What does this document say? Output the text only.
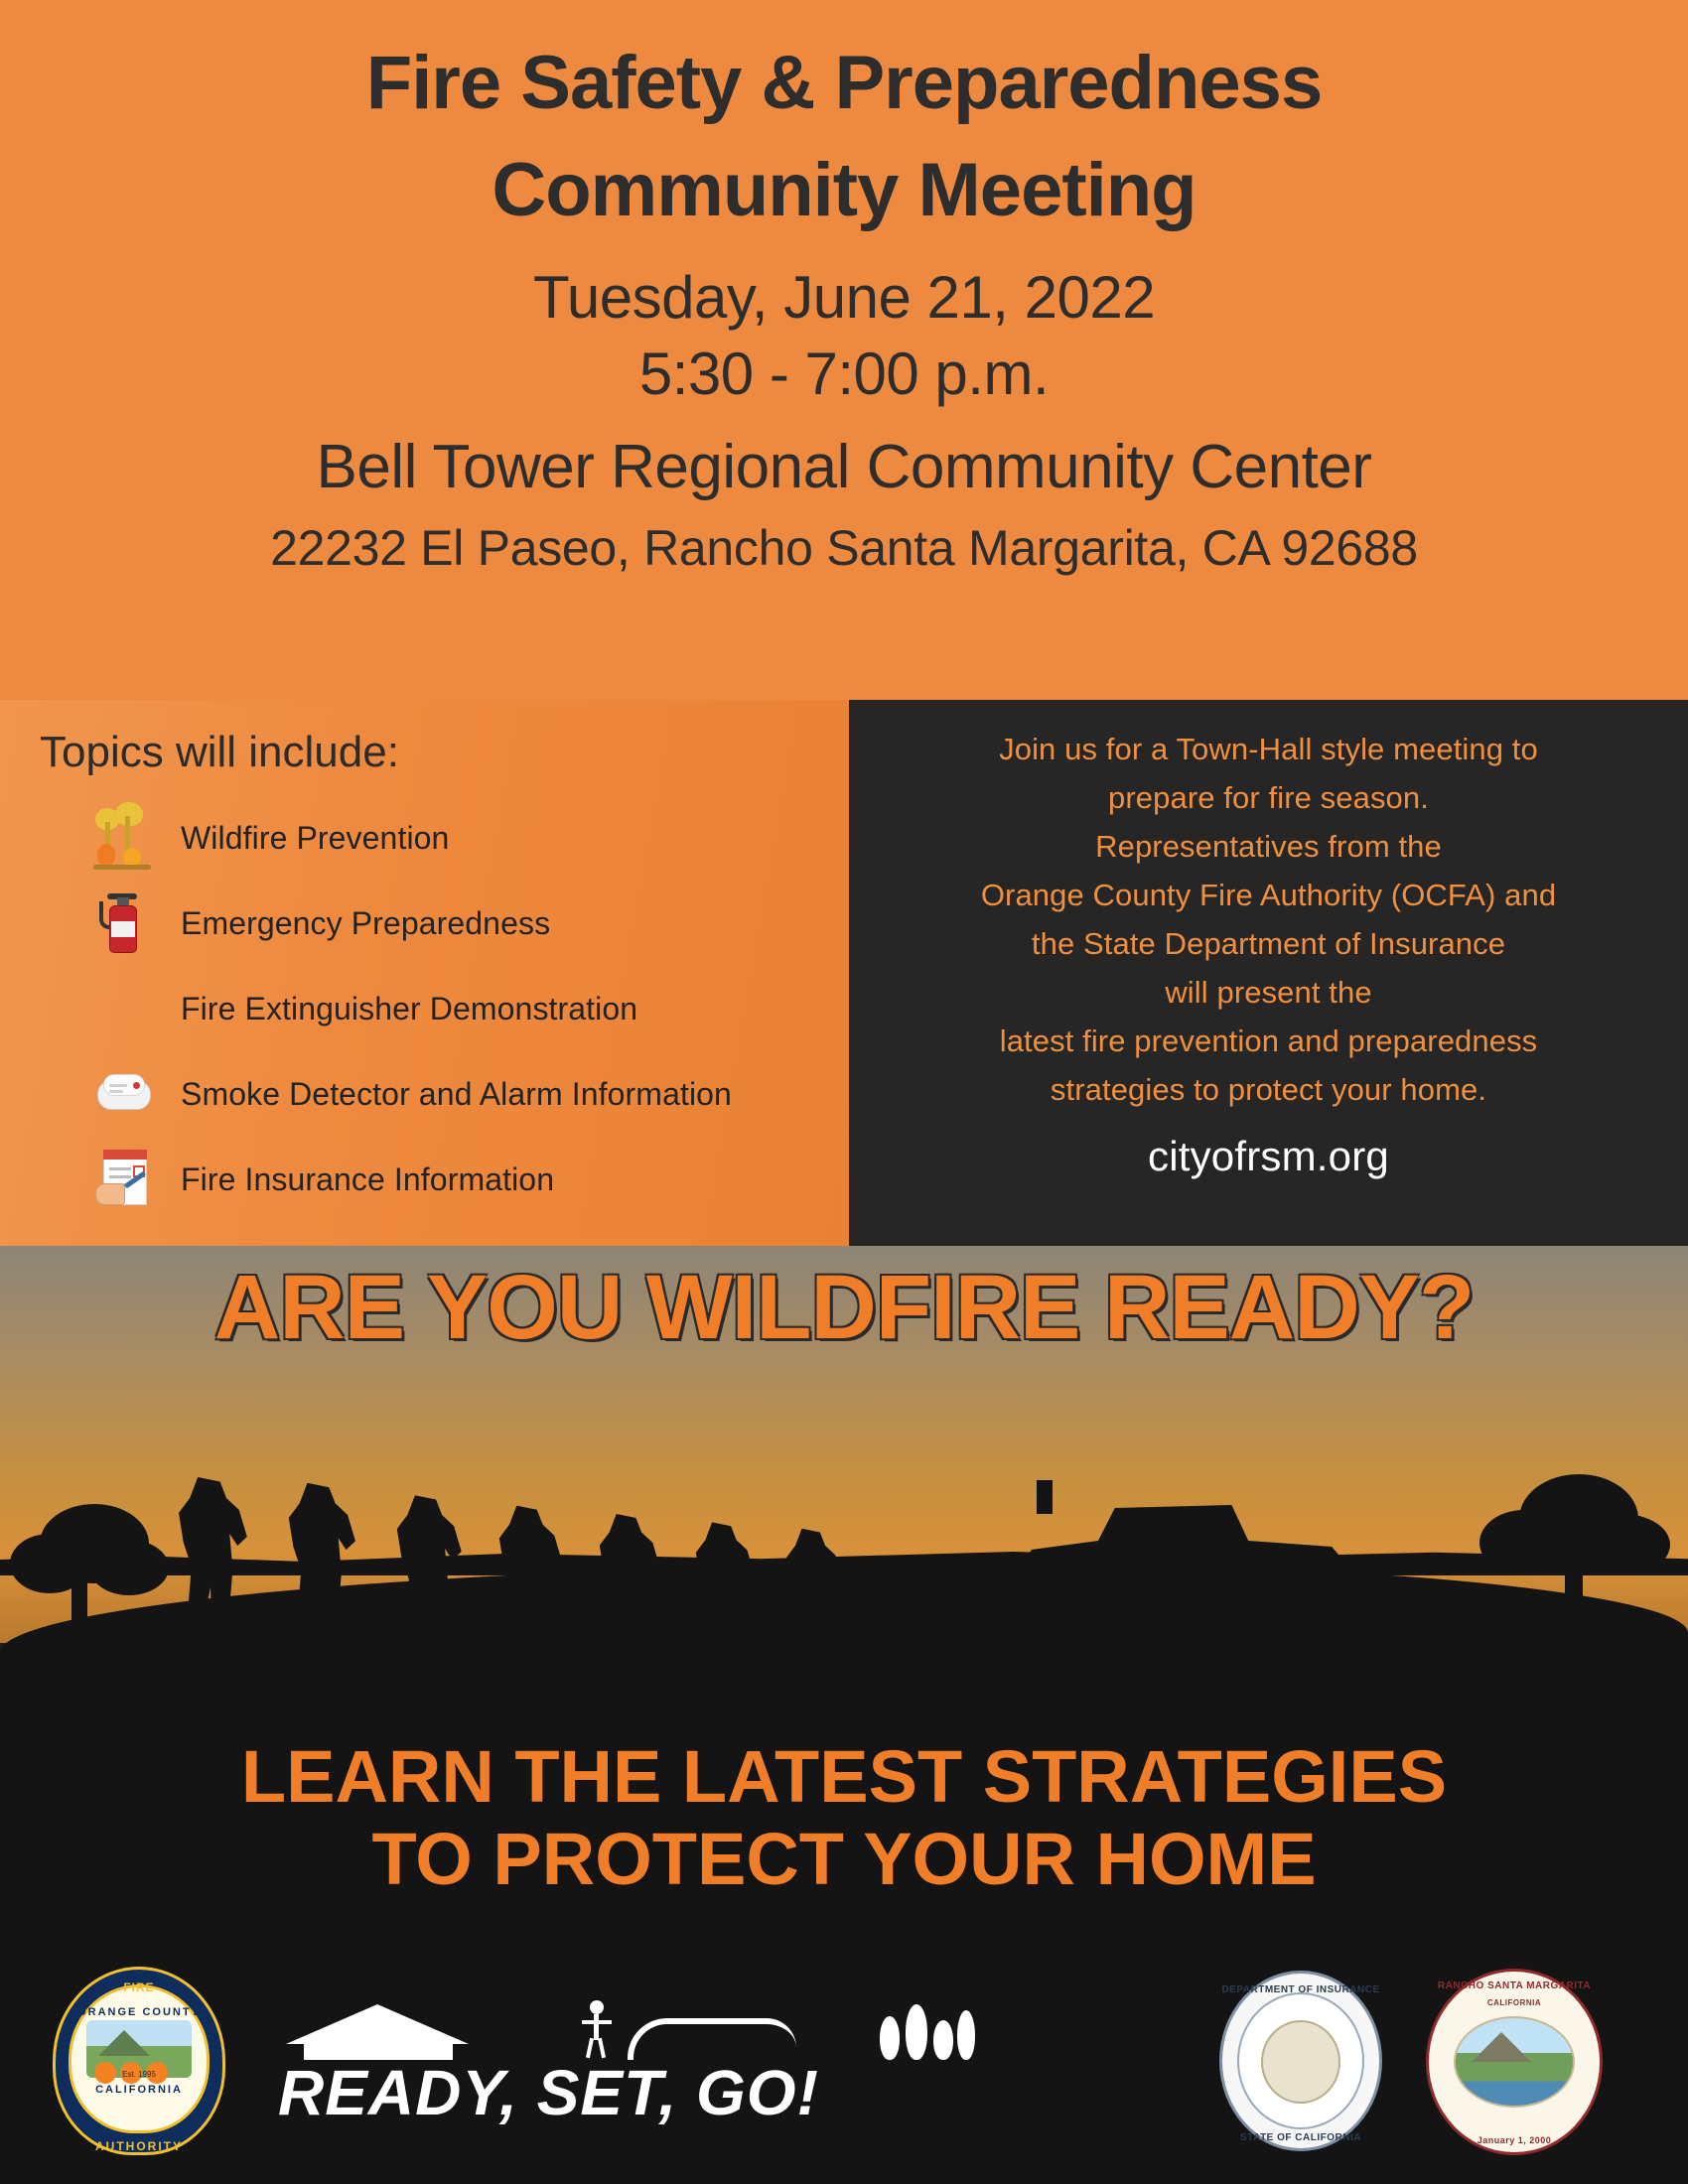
Fire Safety & Preparedness
Community Meeting
Tuesday, June 21, 2022
5:30 - 7:00 p.m.
Bell Tower Regional Community Center
22232 El Paseo, Rancho Santa Margarita, CA 92688
Topics will include:
Wildfire Prevention
Emergency Preparedness
Fire Extinguisher Demonstration
Smoke Detector and Alarm Information
Fire Insurance Information

Join us for a Town-Hall style meeting to

prepare for fire season.

Representatives from the

Orange County Fire Authority (OCFA) and

the State Department of Insurance

will present the

latest fire prevention and preparedness

strategies to protect your home.

cityofrsm.org
ARE YOU WILDFIRE READY?
LEARN THE LATEST STRATEGIES
TO PROTECT YOUR HOME
FIRE
ORANGE COUNTY
CALIFORNIA
Est. 1995
AUTHORITY
READY, SET, GO!
DEPARTMENT OF INSURANCE
STATE OF CALIFORNIA
RANCHO SANTA MARGARITA
CALIFORNIA
January 1, 2000
